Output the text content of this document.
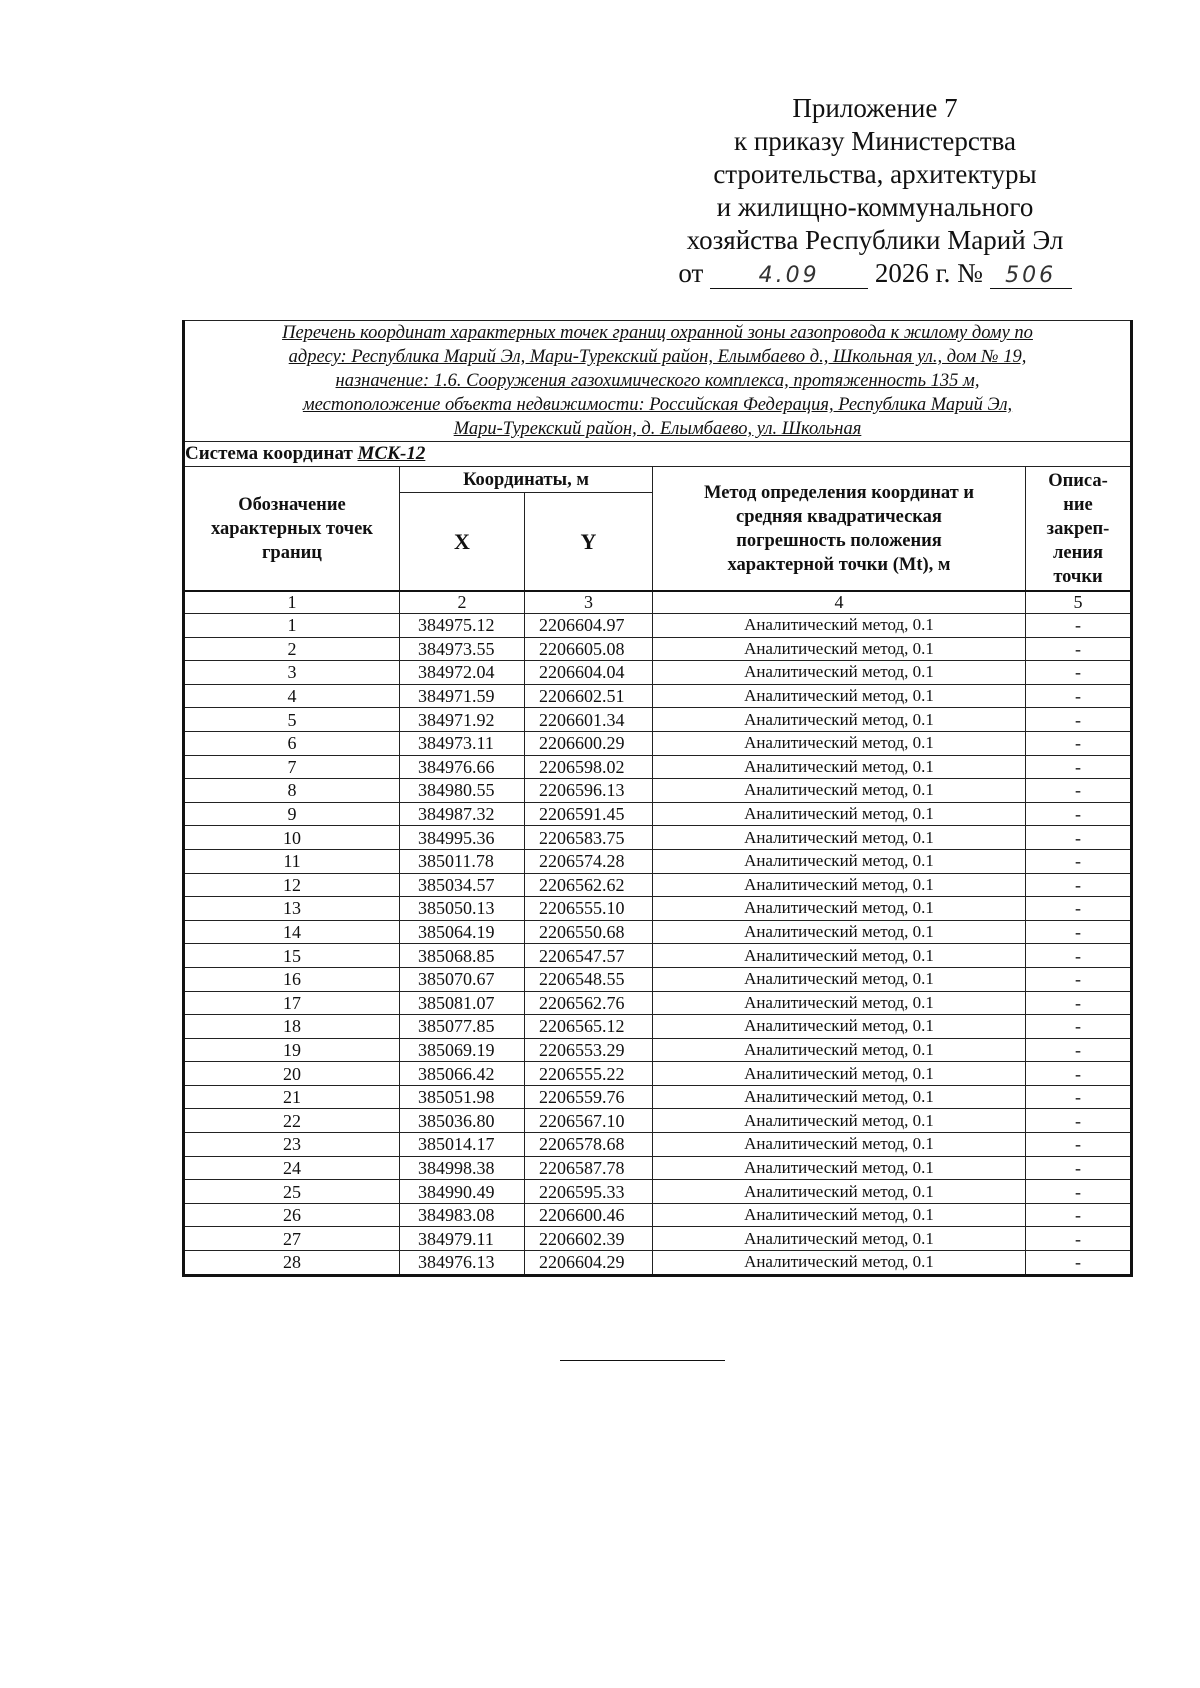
Приложение 7
к приказу Министерства
строительства, архитектуры
и жилищно-коммунального
хозяйства Республики Марий Эл
от	4.09 2026 г. № 506
Перечень координат характерных точек границ охранной зоны газопровода к жилому дому по
адресу: Республика Марий Эл, Мари-Турекский район, Елымбаево д., Школьная ул., дом № 19,
назначение: 1.6. Сооружения газохимического комплекса, протяженность 135 м,
местоположение объекта недвижимости: Российская Федерация, Республика Марий Эл,
Мари-Турекский район, д. Елымбаево, ул. Школьная				

Система координат МСК-12				

Обозначение
характерных точек
границ	Координаты, м		Метод определения координат и
средняя квадратическая
погрешность положения
характерной точки (Mt), м	Описа-
ние
закреп-
ления
точки

	X	Y		
1	2	3	4	5
1	384975.12	2206604.97	Аналитический метод, 0.1	-
2	384973.55	2206605.08	Аналитический метод, 0.1	-
3	384972.04	2206604.04	Аналитический метод, 0.1	-
4	384971.59	2206602.51	Аналитический метод, 0.1	-
5	384971.92	2206601.34	Аналитический метод, 0.1	-
6	384973.11	2206600.29	Аналитический метод, 0.1	-
7	384976.66	2206598.02	Аналитический метод, 0.1	-
8	384980.55	2206596.13	Аналитический метод, 0.1	-
9	384987.32	2206591.45	Аналитический метод, 0.1	-
10	384995.36	2206583.75	Аналитический метод, 0.1	-
11	385011.78	2206574.28	Аналитический метод, 0.1	-
12	385034.57	2206562.62	Аналитический метод, 0.1	-
13	385050.13	2206555.10	Аналитический метод, 0.1	-
14	385064.19	2206550.68	Аналитический метод, 0.1	-
15	385068.85	2206547.57	Аналитический метод, 0.1	-
16	385070.67	2206548.55	Аналитический метод, 0.1	-
17	385081.07	2206562.76	Аналитический метод, 0.1	-
18	385077.85	2206565.12	Аналитический метод, 0.1	-
19	385069.19	2206553.29	Аналитический метод, 0.1	-
20	385066.42	2206555.22	Аналитический метод, 0.1	-
21	385051.98	2206559.76	Аналитический метод, 0.1	-
22	385036.80	2206567.10	Аналитический метод, 0.1	-
23	385014.17	2206578.68	Аналитический метод, 0.1	-
24	384998.38	2206587.78	Аналитический метод, 0.1	-
25	384990.49	2206595.33	Аналитический метод, 0.1	-
26	384983.08	2206600.46	Аналитический метод, 0.1	-
27	384979.11	2206602.39	Аналитический метод, 0.1	-
28	384976.13	2206604.29	Аналитический метод, 0.1	-
